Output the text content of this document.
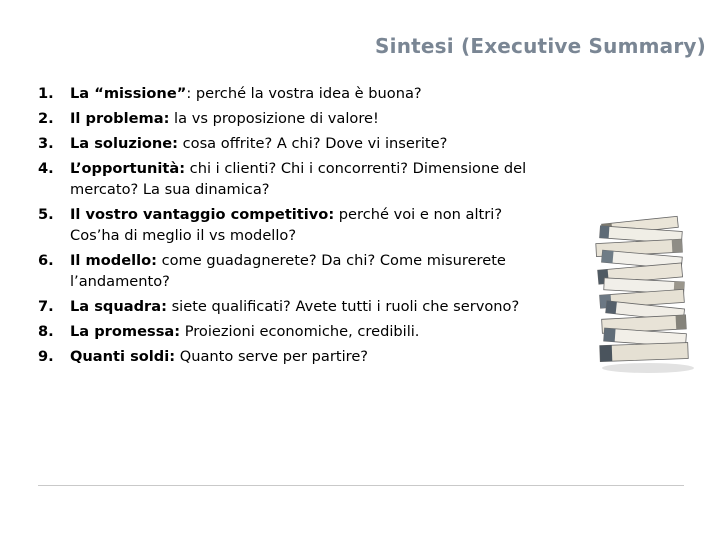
Sintesi (Executive Summary)
1. La “missione”: perché la vostra idea è buona?
2. Il problema: la vs proposizione di valore!
3. La soluzione: cosa offrite? A chi? Dove vi inserite?
4. L’opportunità: chi i clienti? Chi i concorrenti? Dimensione del mercato? La sua dinamica?
5. Il vostro vantaggio competitivo: perché voi e non altri? Cos’ha di meglio il vs modello?
6. Il modello: come guadagnerete? Da chi? Come misurerete l’andamento?
7. La squadra: siete qualificati? Avete tutti i ruoli che servono?
8. La promessa: Proiezioni economiche, credibili.
9. Quanti soldi: Quanto serve per partire?
